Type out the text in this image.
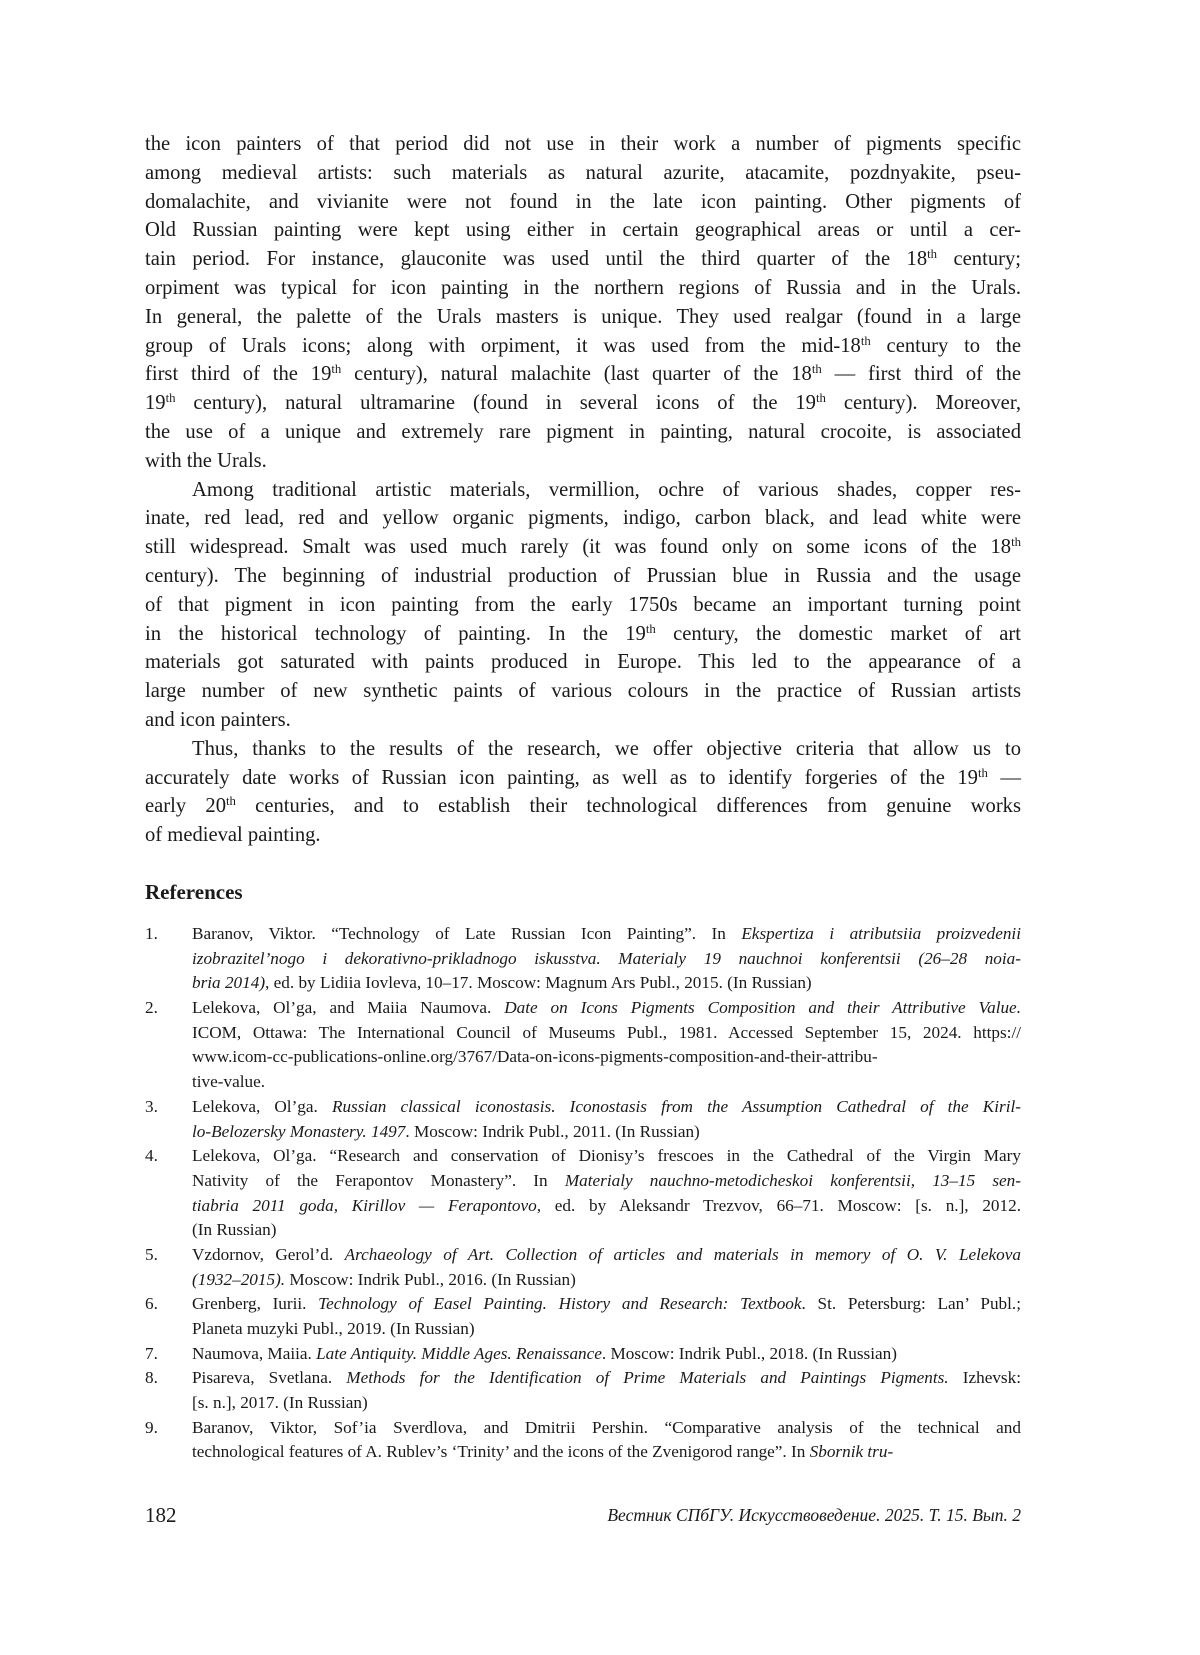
the icon painters of that period did not use in their work a number of pigments specific
among medieval artists: such materials as natural azurite, atacamite, pozdnyakite, pseu-
domalachite, and vivianite were not found in the late icon painting. Other pigments of
Old Russian painting were kept using either in certain geographical areas or until a cer-
tain period. For instance, glauconite was used until the third quarter of the 18th century;
orpiment was typical for icon painting in the northern regions of Russia and in the Urals.
In general, the palette of the Urals masters is unique. They used realgar (found in a large
group of Urals icons; along with orpiment, it was used from the mid-18th century to the
first third of the 19th century), natural malachite (last quarter of the 18th — first third of the
19th century), natural ultramarine (found in several icons of the 19th century). Moreover,
the use of a unique and extremely rare pigment in painting, natural crocoite, is associated
with the Urals.
Among traditional artistic materials, vermillion, ochre of various shades, copper res-
inate, red lead, red and yellow organic pigments, indigo, carbon black, and lead white were
still widespread. Smalt was used much rarely (it was found only on some icons of the 18th
century). The beginning of industrial production of Prussian blue in Russia and the usage
of that pigment in icon painting from the early 1750s became an important turning point
in the historical technology of painting. In the 19th century, the domestic market of art
materials got saturated with paints produced in Europe. This led to the appearance of a
large number of new synthetic paints of various colours in the practice of Russian artists
and icon painters.
Thus, thanks to the results of the research, we offer objective criteria that allow us to
accurately date works of Russian icon painting, as well as to identify forgeries of the 19th —
early 20th centuries, and to establish their technological differences from genuine works
of medieval painting.
References
1. Baranov, Viktor. “Technology of Late Russian Icon Painting”. In Ekspertiza i atributsiia proizvedenii
izobrazitel’nogo i dekorativno-prikladnogo iskusstva. Materialy 19 nauchnoi konferentsii (26–28 noia-
bria 2014), ed. by Lidiia Iovleva, 10–17. Moscow: Magnum Ars Publ., 2015. (In Russian)
2. Lelekova, Ol’ga, and Maiia Naumova. Date on Icons Pigments Composition and their Attributive Value.
ICOM, Ottawa: The International Council of Museums Publ., 1981. Accessed September 15, 2024. https://
www.icom-cc-publications-online.org/3767/Data-on-icons-pigments-composition-and-their-attribu-
tive-value.
3. Lelekova, Ol’ga. Russian classical iconostasis. Iconostasis from the Assumption Cathedral of the Kiril-
lo-Belozersky Monastery. 1497. Moscow: Indrik Publ., 2011. (In Russian)
4. Lelekova, Ol’ga. “Research and conservation of Dionisy’s frescoes in the Cathedral of the Virgin Mary
Nativity of the Ferapontov Monastery”. In Materialy nauchno-metodicheskoi konferentsii, 13–15 sen-
tiabria 2011 goda, Kirillov — Ferapontovo, ed. by Aleksandr Trezvov, 66–71. Moscow: [s. n.], 2012.
(In Russian)
5. Vzdornov, Gerol’d. Archaeology of Art. Collection of articles and materials in memory of O. V. Lelekova
(1932–2015). Moscow: Indrik Publ., 2016. (In Russian)
6. Grenberg, Iurii. Technology of Easel Painting. History and Research: Textbook. St. Petersburg: Lan’ Publ.;
Planeta muzyki Publ., 2019. (In Russian)
7. Naumova, Maiia. Late Antiquity. Middle Ages. Renaissance. Moscow: Indrik Publ., 2018. (In Russian)
8. Pisareva, Svetlana. Methods for the Identification of Prime Materials and Paintings Pigments. Izhevsk:
[s. n.], 2017. (In Russian)
9. Baranov, Viktor, Sof’ia Sverdlova, and Dmitrii Pershin. “Comparative analysis of the technical and
technological features of A. Rublev’s ‘Trinity’ and the icons of the Zvenigorod range”. In Sbornik tru-
182	Вестник СПбГУ. Искусствоведение. 2025. Т. 15. Вып. 2
